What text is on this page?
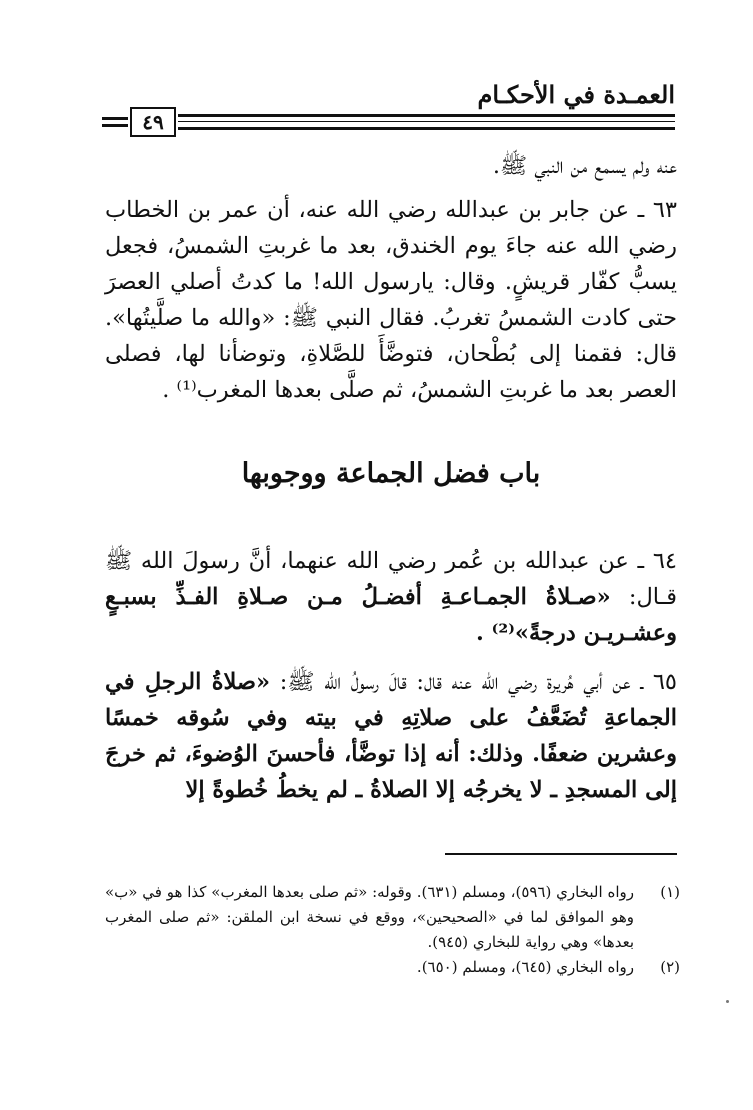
العمـدة في الأحكـام
٤٩
عنه ولم يسمع من النبي ﷺ.
٦٣ ـ عن جابر بن عبدالله رضي الله عنه، أن عمر بن الخطاب رضي الله عنه جاءَ يوم الخندق، بعد ما غربتِ الشمسُ، فجعل يسبُّ كفّار قريشٍ. وقال: يارسول الله! ما كدتُ أصلي العصرَ حتى كادت الشمسُ تغربُ. فقال النبي ﷺ: «والله ما صلَّيتُها». قال: فقمنا إلى بُطْحان، فتوضَّأَ للصَّلاةِ، وتوضأنا لها، فصلى العصر بعد ما غربتِ الشمسُ، ثم صلَّى بعدها المغرب⁽¹⁾ .
باب فضل الجماعة ووجوبها
٦٤ ـ عن عبدالله بن عُمر رضي الله عنهما، أنَّ رسولَ الله ﷺ قـال: «صـلاةُ الجمـاعـةِ أفضـلُ مـن صـلاةِ الفـذِّ بسبـعٍ وعشـريـن درجةً»⁽²⁾ .
٦٥ ـ عن أبي هُريرة رضي الله عنه قال: قالَ رسولُ الله ﷺ: «صلاةُ الرجلِ في الجماعةِ تُضَعَّفُ على صلاتِهِ في بيته وفي سُوقه خمسًا وعشرين ضعفًا. وذلك: أنه إذا توضَّأ، فأحسنَ الوُضوءَ، ثم خرجَ إلى المسجدِ ـ لا يخرجُه إلا الصلاةُ ـ لم يخطُ خُطوةً إلا
(١)
رواه البخاري (٥٩٦)، ومسلم (٦٣١). وقوله: «ثم صلى بعدها المغرب» كذا هو في «ب» وهو الموافق لما في «الصحيحين»، ووقع في نسخة ابن الملقن: «ثم صلى المغرب بعدها» وهي رواية للبخاري (٩٤٥).
(٢)
رواه البخاري (٦٤٥)، ومسلم (٦٥٠).
